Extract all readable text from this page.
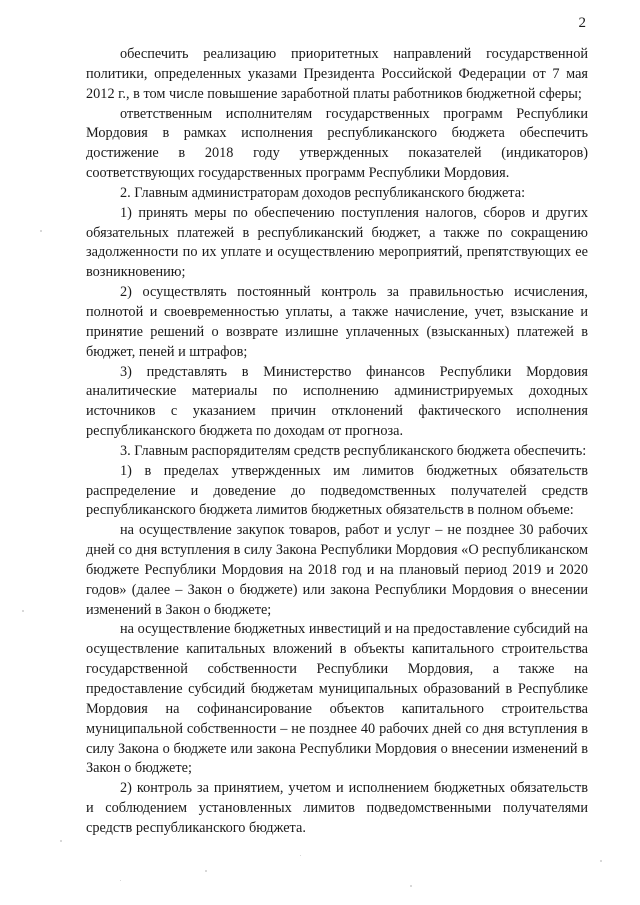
2

обеспечить реализацию приоритетных направлений государственной политики, определенных указами Президента Российской Федерации от 7 мая 2012 г., в том числе повышение заработной платы работников бюджетной сферы;

ответственным исполнителям государственных программ Республики Мордовия в рамках исполнения республиканского бюджета обеспечить достижение в 2018 году утвержденных показателей (индикаторов) соответствующих государственных программ Республики Мордовия.

2. Главным администраторам доходов республиканского бюджета:

1) принять меры по обеспечению поступления налогов, сборов и других обязательных платежей в республиканский бюджет, а также по сокращению задолженности по их уплате и осуществлению мероприятий, препятствующих ее возникновению;

2) осуществлять постоянный контроль за правильностью исчисления, полнотой и своевременностью уплаты, а также начисление, учет, взыскание и принятие решений о возврате излишне уплаченных (взысканных) платежей в бюджет, пеней и штрафов;

3) представлять в Министерство финансов Республики Мордовия аналитические материалы по исполнению администрируемых доходных источников с указанием причин отклонений фактического исполнения республиканского бюджета по доходам от прогноза.

3. Главным распорядителям средств республиканского бюджета обеспечить:

1) в пределах утвержденных им лимитов бюджетных обязательств распределение и доведение до подведомственных получателей средств республиканского бюджета лимитов бюджетных обязательств в полном объеме:

на осуществление закупок товаров, работ и услуг – не позднее 30 рабочих дней со дня вступления в силу Закона Республики Мордовия «О республиканском бюджете Республики Мордовия на 2018 год и на плановый период 2019 и 2020 годов» (далее – Закон о бюджете) или закона Республики Мордовия о внесении изменений в Закон о бюджете;

на осуществление бюджетных инвестиций и на предоставление субсидий на осуществление капитальных вложений в объекты капитального строительства государственной собственности Республики Мордовия, а также на предоставление субсидий бюджетам муниципальных образований в Республике Мордовия на софинансирование объектов капитального строительства муниципальной собственности – не позднее 40 рабочих дней со дня вступления в силу Закона о бюджете или закона Республики Мордовия о внесении изменений в Закон о бюджете;

2) контроль за принятием, учетом и исполнением бюджетных обязательств и соблюдением установленных лимитов подведомственными получателями средств республиканского бюджета.
